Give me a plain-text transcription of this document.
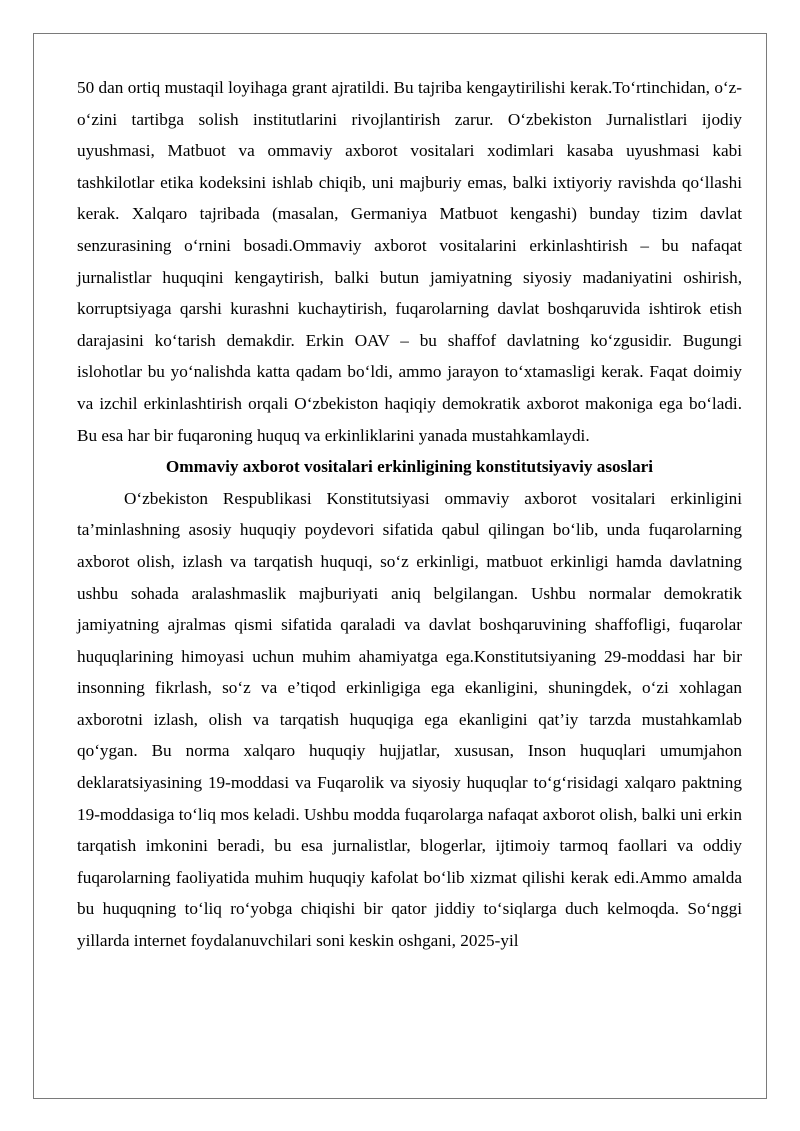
50 dan ortiq mustaqil loyihaga grant ajratildi. Bu tajriba kengaytirilishi kerak.To‘rtinchidan, o‘z-o‘zini tartibga solish institutlarini rivojlantirish zarur. O‘zbekiston Jurnalistlari ijodiy uyushmasi, Matbuot va ommaviy axborot vositalari xodimlari kasaba uyushmasi kabi tashkilotlar etika kodeksini ishlab chiqib, uni majburiy emas, balki ixtiyoriy ravishda qo‘llashi kerak. Xalqaro tajribada (masalan, Germaniya Matbuot kengashi) bunday tizim davlat senzurasining o‘rnini bosadi.Ommaviy axborot vositalarini erkinlashtirish – bu nafaqat jurnalistlar huquqini kengaytirish, balki butun jamiyatning siyosiy madaniyatini oshirish, korruptsiyaga qarshi kurashni kuchaytirish, fuqarolarning davlat boshqaruvida ishtirok etish darajasini ko‘tarish demakdir. Erkin OAV – bu shaffof davlatning ko‘zgusidir. Bugungi islohotlar bu yo‘nalishda katta qadam bo‘ldi, ammo jarayon to‘xtamasligi kerak. Faqat doimiy va izchil erkinlashtirish orqali O‘zbekiston haqiqiy demokratik axborot makoniga ega bo‘ladi. Bu esa har bir fuqaroning huquq va erkinliklarini yanada mustahkamlaydi.

Ommaviy axborot vositalari erkinligining konstitutsiyaviy asoslari

O‘zbekiston Respublikasi Konstitutsiyasi ommaviy axborot vositalari erkinligini ta’minlashning asosiy huquqiy poydevori sifatida qabul qilingan bo‘lib, unda fuqarolarning axborot olish, izlash va tarqatish huquqi, so‘z erkinligi, matbuot erkinligi hamda davlatning ushbu sohada aralashmaslik majburiyati aniq belgilangan. Ushbu normalar demokratik jamiyatning ajralmas qismi sifatida qaraladi va davlat boshqaruvining shaffofligi, fuqarolar huquqlarining himoyasi uchun muhim ahamiyatga ega.Konstitutsiyaning 29-moddasi har bir insonning fikrlash, so‘z va e’tiqod erkinligiga ega ekanligini, shuningdek, o‘zi xohlagan axborotni izlash, olish va tarqatish huquqiga ega ekanligini qat’iy tarzda mustahkamlab qo‘ygan. Bu norma xalqaro huquqiy hujjatlar, xususan, Inson huquqlari umumjahon deklaratsiyasining 19-moddasi va Fuqarolik va siyosiy huquqlar to‘g‘risidagi xalqaro paktning 19-moddasiga to‘liq mos keladi. Ushbu modda fuqarolarga nafaqat axborot olish, balki uni erkin tarqatish imkonini beradi, bu esa jurnalistlar, blogerlar, ijtimoiy tarmoq faollari va oddiy fuqarolarning faoliyatida muhim huquqiy kafolat bo‘lib xizmat qilishi kerak edi.Ammo amalda bu huquqning to‘liq ro‘yobga chiqishi bir qator jiddiy to‘siqlarga duch kelmoqda. So‘nggi yillarda internet foydalanuvchilari soni keskin oshgani, 2025-yil
